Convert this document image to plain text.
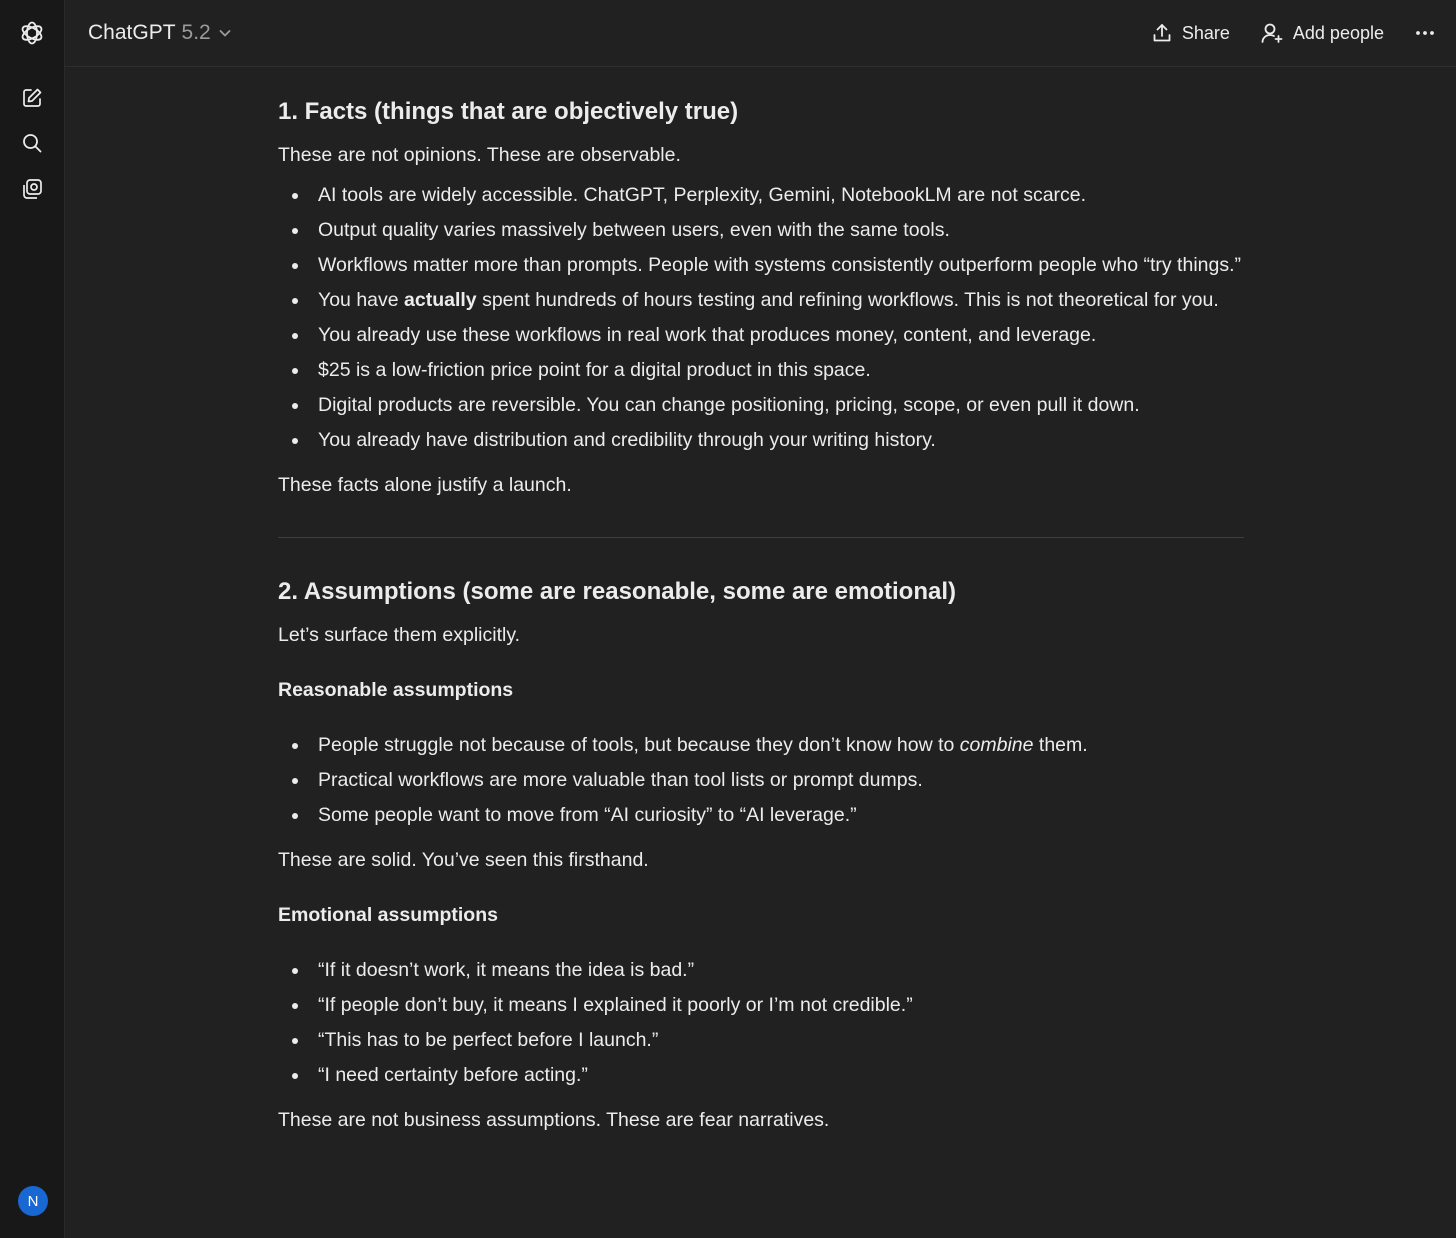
N
ChatGPT 5.2	Share	Add people
1. Facts (things that are objectively true)

These are not opinions. These are observable.

AI tools are widely accessible. ChatGPT, Perplexity, Gemini, NotebookLM are not scarce.
Output quality varies massively between users, even with the same tools.
Workflows matter more than prompts. People with systems consistently outperform people who “try things.”
You have actually spent hundreds of hours testing and refining workflows. This is not theoretical for you.
You already use these workflows in real work that produces money, content, and leverage.
$25 is a low-friction price point for a digital product in this space.
Digital products are reversible. You can change positioning, pricing, scope, or even pull it down.
You already have distribution and credibility through your writing history.

These facts alone justify a launch.

2. Assumptions (some are reasonable, some are emotional)

Let’s surface them explicitly.

Reasonable assumptions
People struggle not because of tools, but because they don’t know how to combine them.
Practical workflows are more valuable than tool lists or prompt dumps.
Some people want to move from “AI curiosity” to “AI leverage.”

These are solid. You’ve seen this firsthand.

Emotional assumptions
“If it doesn’t work, it means the idea is bad.”
“If people don’t buy, it means I explained it poorly or I’m not credible.”
“This has to be perfect before I launch.”
“I need certainty before acting.”

These are not business assumptions. These are fear narratives.
